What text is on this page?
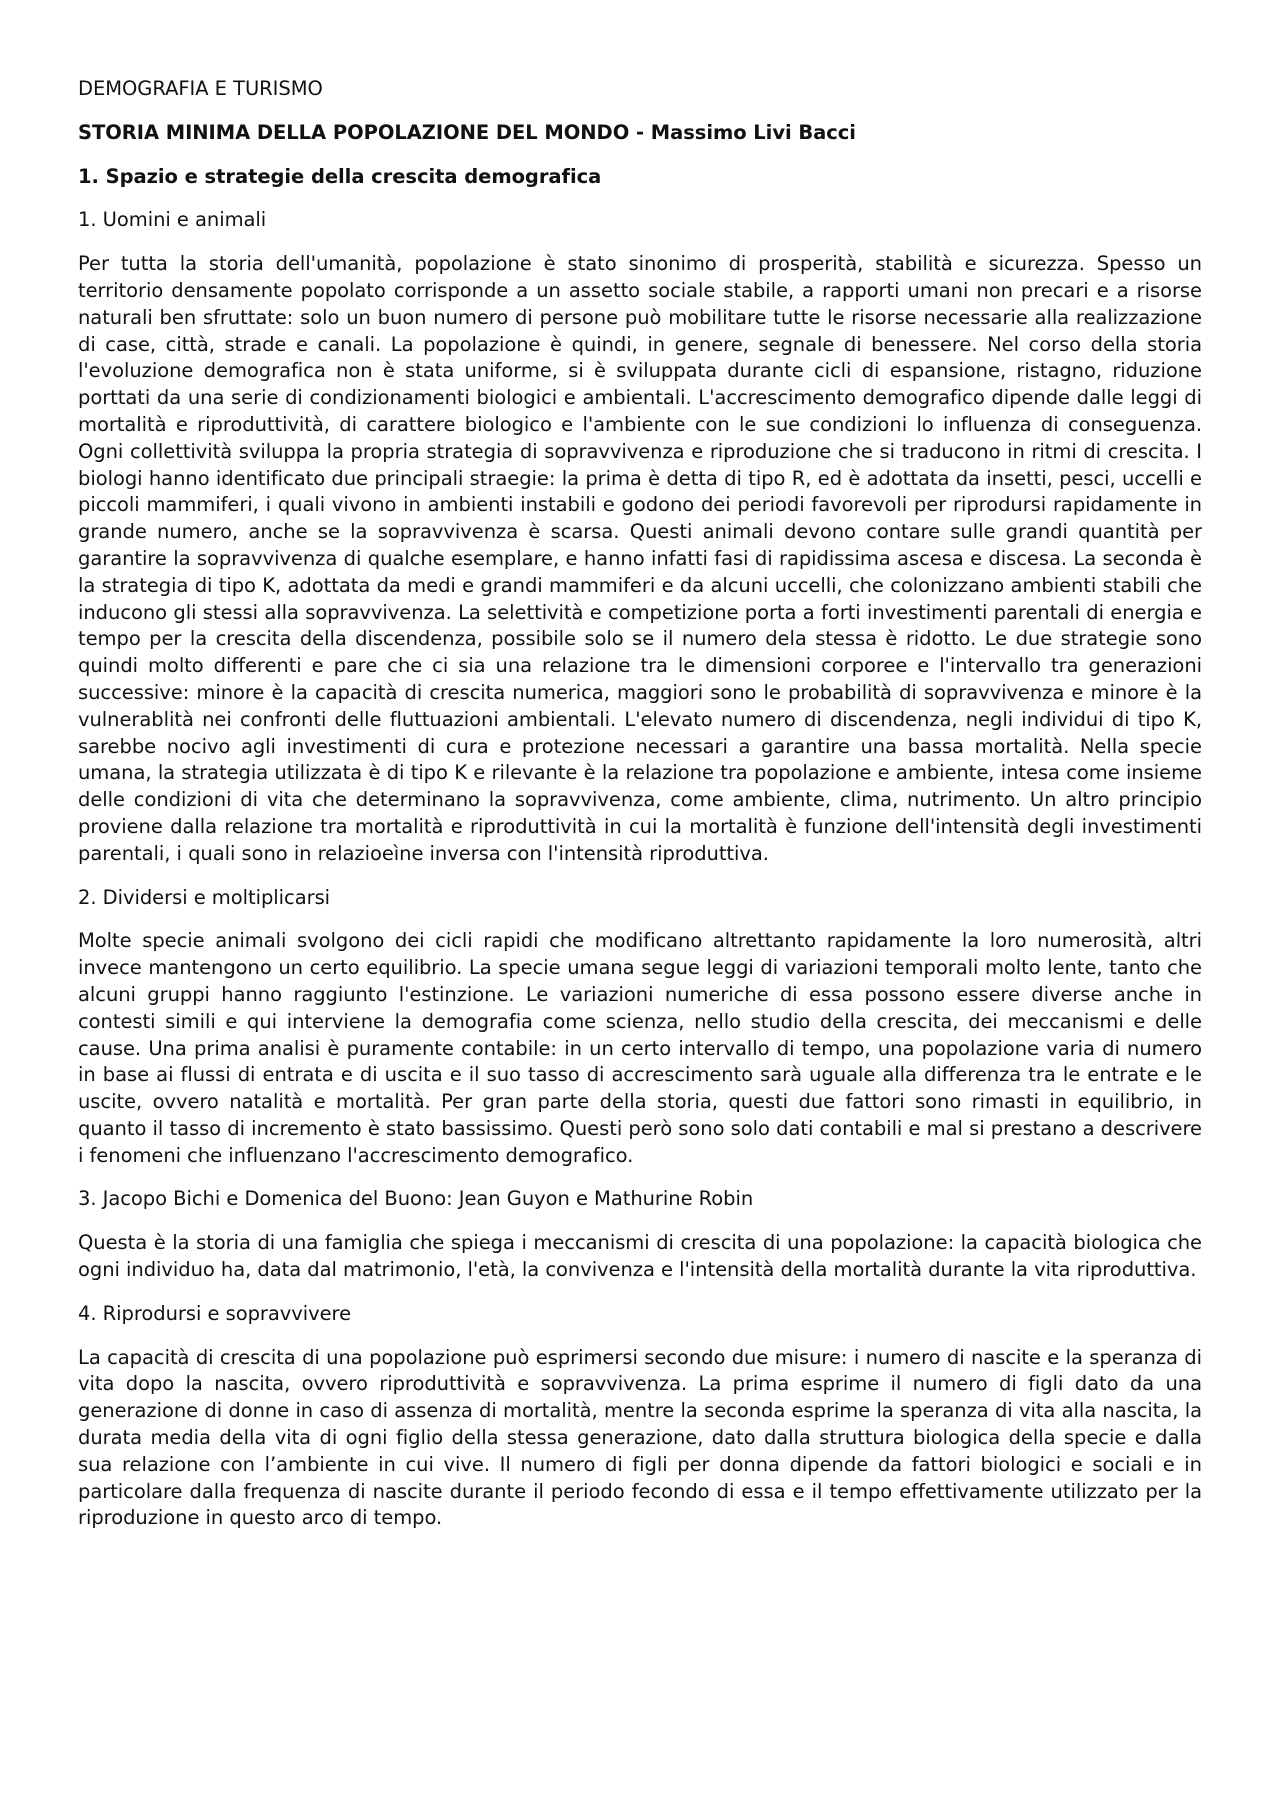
DEMOGRAFIA E TURISMO

STORIA MINIMA DELLA POPOLAZIONE DEL MONDO - Massimo Livi Bacci

1. Spazio e strategie della crescita demografica

1. Uomini e animali

Per tutta la storia dell'umanità, popolazione è stato sinonimo di prosperità, stabilità e sicurezza. Spesso un territorio densamente popolato corrisponde a un assetto sociale stabile, a rapporti umani non precari e a risorse naturali ben sfruttate: solo un buon numero di persone può mobilitare tutte le risorse necessarie alla realizzazione di case, città, strade e canali. La popolazione è quindi, in genere, segnale di benessere. Nel corso della storia l'evoluzione demografica non è stata uniforme, si è sviluppata durante cicli di espansione, ristagno, riduzione porttati da una serie di condizionamenti biologici e ambientali. L'accrescimento demografico dipende dalle leggi di mortalità e riproduttività, di carattere biologico e l'ambiente con le sue condizioni lo influenza di conseguenza. Ogni collettività sviluppa la propria strategia di sopravvivenza e riproduzione che si traducono in ritmi di crescita. I biologi hanno identificato due principali straegie: la prima è detta di tipo R, ed è adottata da insetti, pesci, uccelli e piccoli mammiferi, i quali vivono in ambienti instabili e godono dei periodi favorevoli per riprodursi rapidamente in grande numero, anche se la sopravvivenza è scarsa. Questi animali devono contare sulle grandi quantità per garantire la sopravvivenza di qualche esemplare, e hanno infatti fasi di rapidissima ascesa e discesa. La seconda è la strategia di tipo K, adottata da medi e grandi mammiferi e da alcuni uccelli, che colonizzano ambienti stabili che inducono gli stessi alla sopravvivenza. La selettività e competizione porta a forti investimenti parentali di energia e tempo per la crescita della discendenza, possibile solo se il numero dela stessa è ridotto. Le due strategie sono quindi molto differenti e pare che ci sia una relazione tra le dimensioni corporee e l'intervallo tra generazioni successive: minore è la capacità di crescita numerica, maggiori sono le probabilità di sopravvivenza e minore è la vulnerablità nei confronti delle fluttuazioni ambientali. L'elevato numero di discendenza, negli individui di tipo K, sarebbe nocivo agli investimenti di cura e protezione necessari a garantire una bassa mortalità. Nella specie umana, la strategia utilizzata è di tipo K e rilevante è la relazione tra popolazione e ambiente, intesa come insieme delle condizioni di vita che determinano la sopravvivenza, come ambiente, clima, nutrimento. Un altro principio proviene dalla relazione tra mortalità e riproduttività in cui la mortalità è funzione dell'intensità degli investimenti parentali, i quali sono in relazioeìne inversa con l'intensità riproduttiva.

2. Dividersi e moltiplicarsi

Molte specie animali svolgono dei cicli rapidi che modificano altrettanto rapidamente la loro numerosità, altri invece mantengono un certo equilibrio. La specie umana segue leggi di variazioni temporali molto lente, tanto che alcuni gruppi hanno raggiunto l'estinzione. Le variazioni numeriche di essa possono essere diverse anche in contesti simili e qui interviene la demografia come scienza, nello studio della crescita, dei meccanismi e delle cause. Una prima analisi è puramente contabile: in un certo intervallo di tempo, una popolazione varia di numero in base ai flussi di entrata e di uscita e il suo tasso di accrescimento sarà uguale alla differenza tra le entrate e le uscite, ovvero natalità e mortalità. Per gran parte della storia, questi due fattori sono rimasti in equilibrio, in quanto il tasso di incremento è stato bassissimo. Questi però sono solo dati contabili e mal si prestano a descrivere i fenomeni che influenzano l'accrescimento demografico.

3. Jacopo Bichi e Domenica del Buono: Jean Guyon e Mathurine Robin

Questa è la storia di una famiglia che spiega i meccanismi di crescita di una popolazione: la capacità biologica che ogni individuo ha, data dal matrimonio, l'età, la convivenza e l'intensità della mortalità durante la vita riproduttiva.

4. Riprodursi e sopravvivere

La capacità di crescita di una popolazione può esprimersi secondo due misure: i numero di nascite e la speranza di vita dopo la nascita, ovvero riproduttività e sopravvivenza. La prima esprime il numero di figli dato da una generazione di donne in caso di assenza di mortalità, mentre la seconda esprime la speranza di vita alla nascita, la durata media della vita di ogni figlio della stessa generazione, dato dalla struttura biologica della specie e dalla sua relazione con l’ambiente in cui vive. Il numero di figli per donna dipende da fattori biologici e sociali e in particolare dalla frequenza di nascite durante il periodo fecondo di essa e il tempo effettivamente utilizzato per la riproduzione in questo arco di tempo.
